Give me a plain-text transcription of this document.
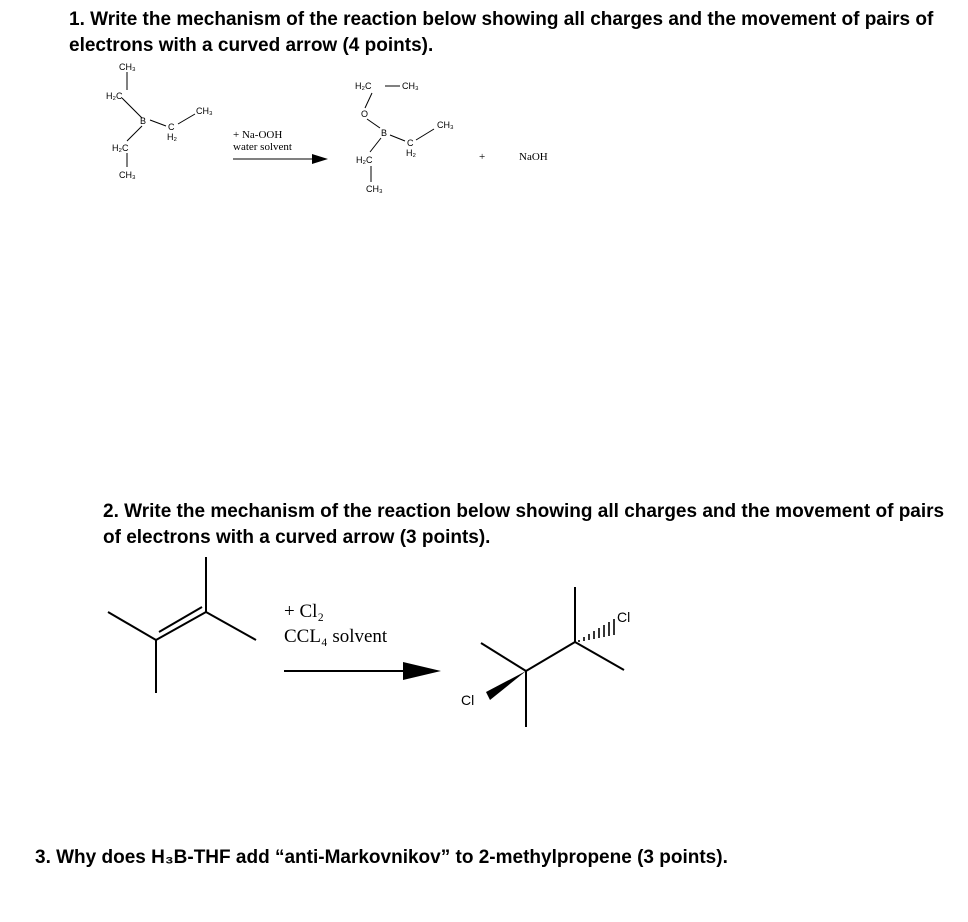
1. Write the mechanism of the reaction below showing all charges and the movement of pairs of electrons with a curved arrow (4 points).

2. Write the mechanism of the reaction below showing all charges and the movement of pairs of electrons with a curved arrow (3 points).

3. Why does H₃B-THF add “anti-Markovnikov” to 2-methylpropene (3 points).

CH₃
H₂C
B
C
H₂
CH₃
H₂C
CH₃
+ Na-OOH
water solvent
H₂C	CH₃
O
B
C
H₂
CH₃
H₂C
CH₃
+	NaOH
+ Cl₂
CCL₄ solvent
Cl
Cl
